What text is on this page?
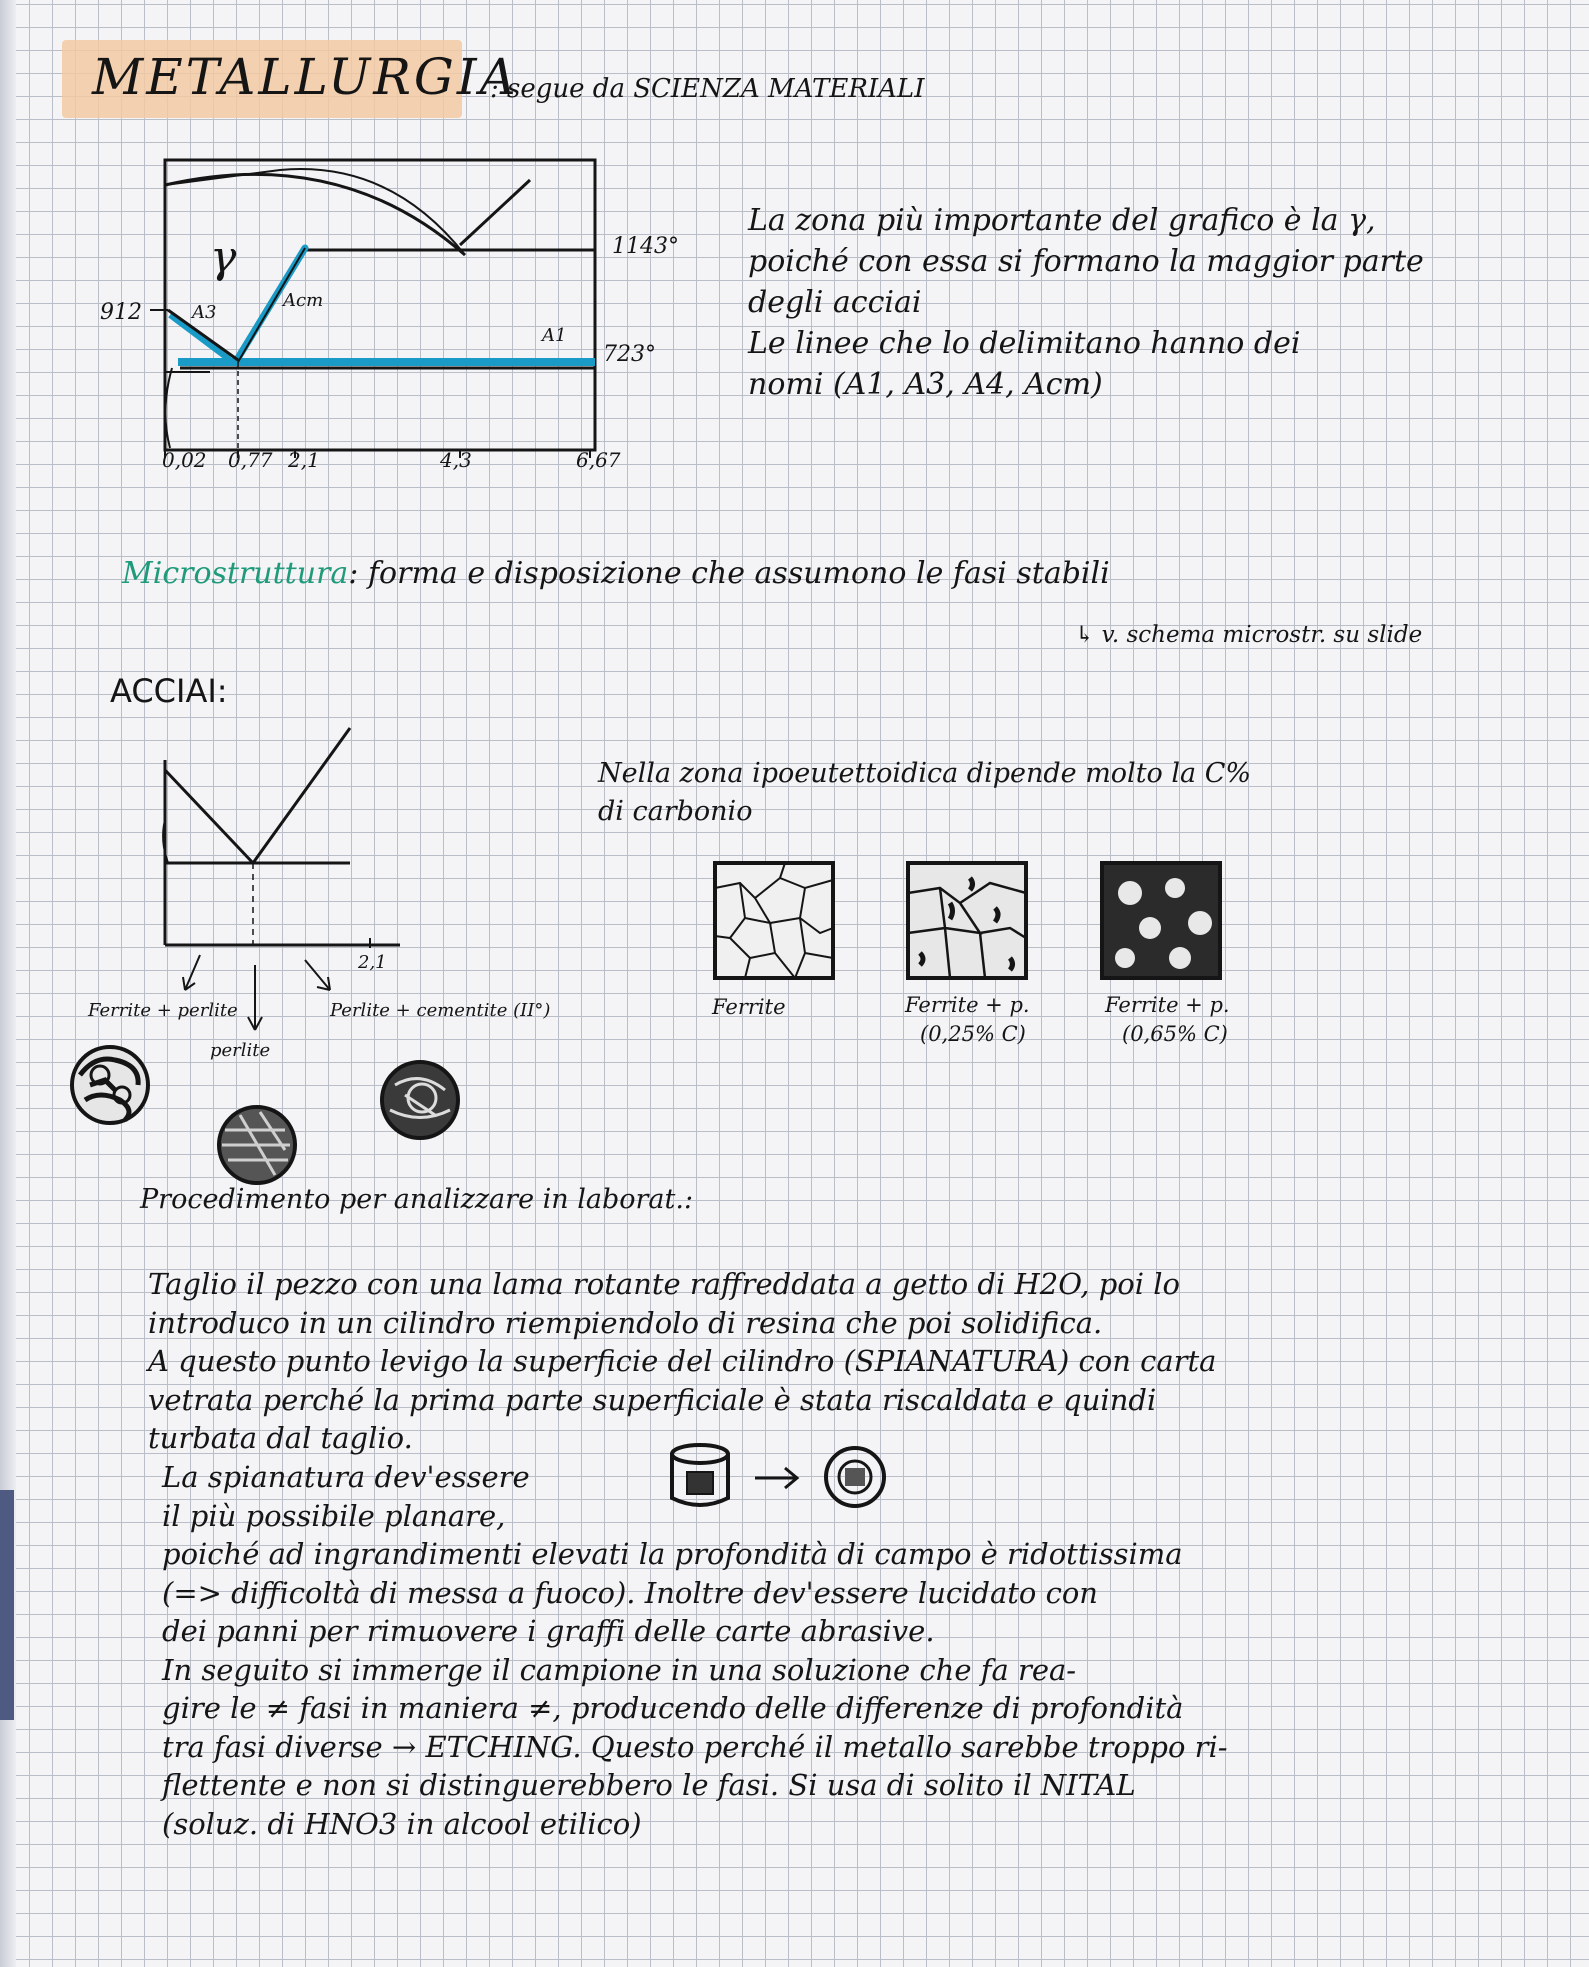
METALLURGIA
: segue da SCIENZA MATERIALI
γ
912
1143°
723°
A3
Acm
A1
0,02 0,77 2,1	4,3	6,67
La zona più importante del grafico è la γ,
poiché con essa si formano la maggior parte
degli acciai
Le linee che lo delimitano hanno dei
nomi (A1, A3, A4, Acm)
Microstruttura: forma e disposizione che assumono le fasi stabili
↳ v. schema microstr. su slide
ACCIAI:
2,1
Ferrite + perlite
perlite
Perlite + cementite (II°)
Nella zona ipoeutettoidica dipende molto la C%
di carbonio
Ferrite	Ferrite + p.
(0,25% C)
Ferrite + p.
(0,65% C)
Procedimento per analizzare in laborat.:
Taglio il pezzo con una lama rotante raffreddata a getto di H2O, poi lo
introduco in un cilindro riempiendolo di resina che poi solidifica.
A questo punto levigo la superficie del cilindro (SPIANATURA) con carta
vetrata perché la prima parte superficiale è stata riscaldata e quindi
turbata dal taglio.
La spianatura dev'essere
il più possibile planare,
poiché ad ingrandimenti elevati la profondità di campo è ridottissima
(=> difficoltà di messa a fuoco). Inoltre dev'essere lucidato con
dei panni per rimuovere i graffi delle carte abrasive.
In seguito si immerge il campione in una soluzione che fa rea-
gire le ≠ fasi in maniera ≠, producendo delle differenze di profondità
tra fasi diverse → ETCHING. Questo perché il metallo sarebbe troppo ri-
flettente e non si distinguerebbero le fasi. Si usa di solito il NITAL
(soluz. di HNO3 in alcool etilico)
